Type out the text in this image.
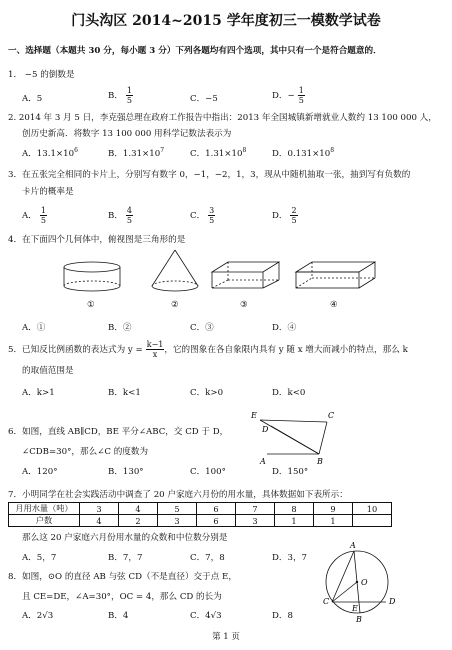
门头沟区 2014~2015 学年度初三一模数学试卷
一、选择题（本题共 30 分，每小题 3 分）下列各题均有四个选项，其中只有一个是符合题意的．
1． −5 的倒数是
A．5	B． $\frac{1}{5}$	C．−5	D．− $\frac{1}{5}$
2. 2014 年 3 月 5 日，李克强总理在政府工作报告中指出：2013 年全国城镇新增就业人数约 13 100 000 人，
创历史新高．将数字 13 100 000 用科学记数法表示为
A．$13.1\times 10^6$	B．$1.31\times 10^7$	C．$1.31\times 10^8$	D．$0.131\times 10^8$
3．在五张完全相同的卡片上，分别写有数字 0，−1，−2，1，3，现从中随机抽取一张，抽到写有负数的
卡片的概率是
A． $\frac{1}{5}$	B． $\frac{4}{5}$	C． $\frac{3}{5}$	D． $\frac{2}{5}$
4．在下面四个几何体中，俯视图是三角形的是
①	②	③	④
A．①	B．②	C．③	D．④
5．已知反比例函数的表达式为 $y = \frac{k-1}{x}$ ，它的图象在各自象限内具有 y 随 x 增大而减小的特点，那么 k
的取值范围是
A．k>1	B．k<1	C．k>0	D．k<0
6．如图，直线 AB∥CD，BE 平分∠ABC，交 CD 于 D，
∠CDB=30°，那么∠C 的度数为
A．120°	B．130°	C．100°	D．150°
E	C
D
A	B
7．小明同学在社会实践活动中调查了 20 户家庭六月份的用水量，具体数据如下表所示：
月用水量（吨）	3	4	5	6	7	8	9	10
户数	4	2	3	6	3	1	1	
那么这 20 户家庭六月份用水量的众数和中位数分别是
A．5，7	B．7，7	C．7，8	D．3，7
8．如图，⊙O 的直径 AB 与弦 CD（不是直径）交于点 E，
且 CE=DE，∠A=30°，OC = 4，那么 CD 的长为
A．2√3	B．4	C．4√3	D．8
A
O
C
E
D
B
第 1 页
